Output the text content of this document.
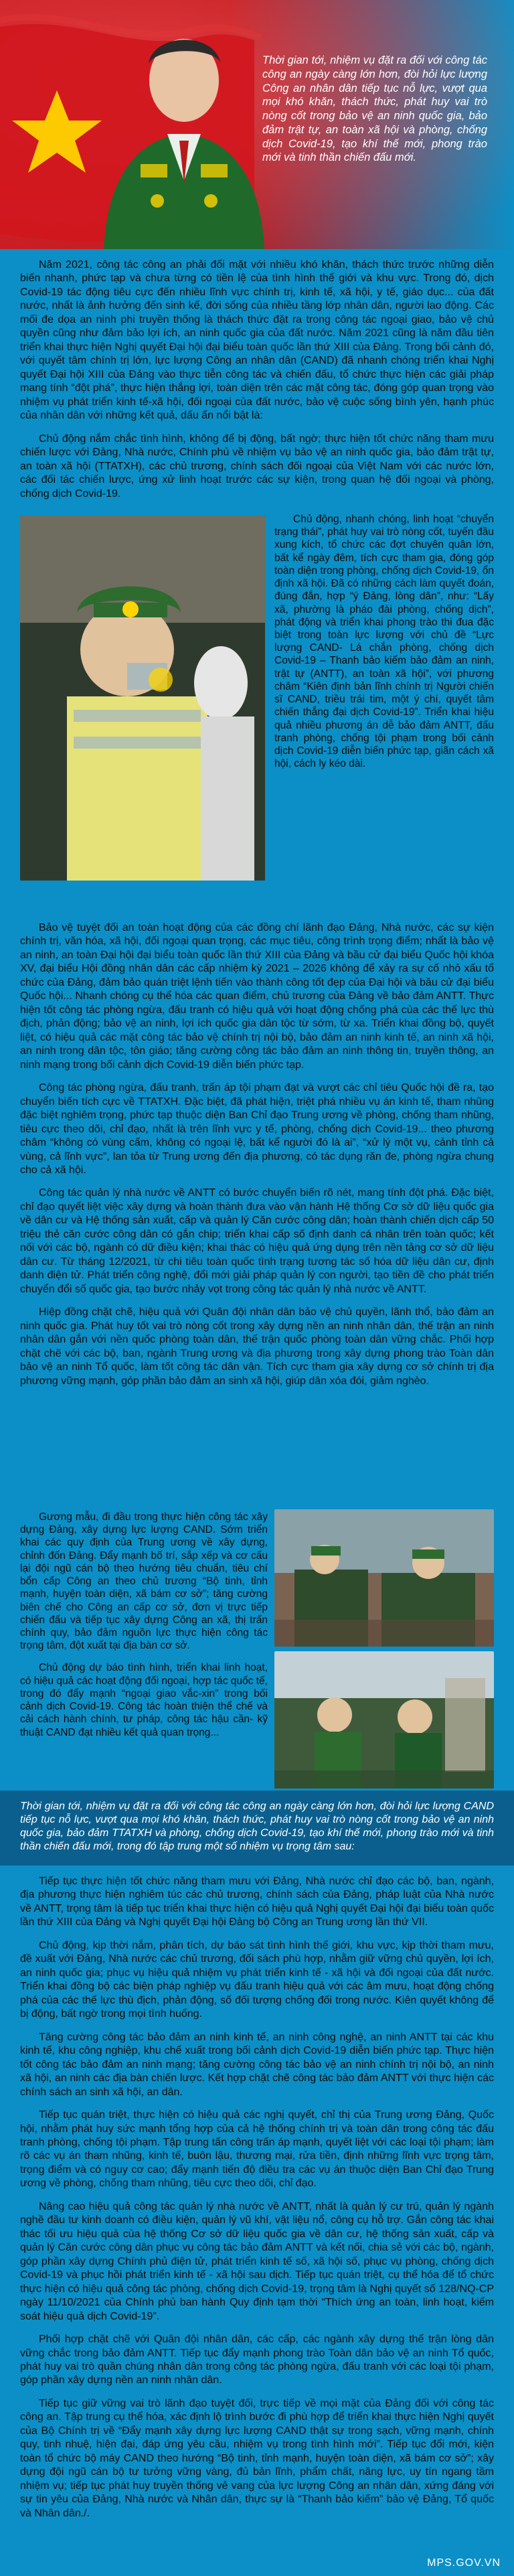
Thời gian tới, nhiệm vụ đặt ra đối với công tác công an ngày càng lớn hơn, đòi hỏi lực lượng Công an nhân dân tiếp tục nỗ lực, vượt qua mọi khó khăn, thách thức, phát huy vai trò nòng cốt trong bảo vệ an ninh quốc gia, bảo đảm trật tự, an toàn xã hội và phòng, chống dịch Covid-19, tạo khí thế mới, phong trào mới và tinh thần chiến đấu mới.

Năm 2021, công tác công an phải đối mặt với nhiều khó khăn, thách thức trước những diễn biến nhanh, phức tạp và chưa từng có tiền lệ của tình hình thế giới và khu vực. Trong đó, dịch Covid-19 tác động tiêu cực đến nhiều lĩnh vực chính trị, kinh tế, xã hội, y tế, giáo dục... của đất nước, nhất là ảnh hưởng đến sinh kế, đời sống của nhiều tầng lớp nhân dân, người lao động. Các mối đe dọa an ninh phi truyền thống là thách thức đặt ra trong công tác ngoại giao, bảo vệ chủ quyền cũng như đảm bảo lợi ích, an ninh quốc gia của đất nước. Năm 2021 cũng là năm đầu tiên triển khai thực hiện Nghị quyết Đại hội đại biểu toàn quốc lần thứ XIII của Đảng. Trong bối cảnh đó, với quyết tâm chính trị lớn, lực lượng Công an nhân dân (CAND) đã nhanh chóng triển khai Nghị quyết Đại hội XIII của Đảng vào thực tiễn công tác và chiến đấu, tổ chức thực hiện các giải pháp mang tính “đột phá”, thực hiện thắng lợi, toàn diện trên các mặt công tác, đóng góp quan trọng vào nhiệm vụ phát triển kinh tế-xã hội, đối ngoại của đất nước, bảo vệ cuộc sống bình yên, hạnh phúc của nhân dân với những kết quả, dấu ấn nổi bật là:

Chủ động nắm chắc tình hình, không để bị động, bất ngờ; thực hiện tốt chức năng tham mưu chiến lược với Đảng, Nhà nước, Chính phủ về nhiệm vụ bảo vệ an ninh quốc gia, bảo đảm trật tự, an toàn xã hội (TTATXH), các chủ trương, chính sách đối ngoại của Việt Nam với các nước lớn, các đối tác chiến lược, ứng xử linh hoạt trước các sự kiện, trong quan hệ đối ngoại và phòng, chống dịch Covid-19.

Chủ động, nhanh chóng, linh hoạt “chuyển trạng thái”, phát huy vai trò nòng cốt, tuyến đầu xung kích, tổ chức các đợt chuyên quân lớn, bất kể ngày đêm, tích cực tham gia, đóng góp toàn diện trong phòng, chống dịch Covid-19, ổn định xã hội. Đã có những cách làm quyết đoán, đúng đắn, hợp “ý Đảng, lòng dân”, như: “Lấy xã, phường là pháo đài phòng, chống dịch”, phát động và triển khai phong trào thi đua đặc biệt trong toàn lực lượng với chủ đề “Lực lượng CAND- Lá chắn phòng, chống dịch Covid-19 – Thanh bảo kiếm bảo đảm an ninh, trật tự (ANTT), an toàn xã hội”, với phương châm “Kiên định bản lĩnh chính trị Người chiến sĩ CAND, triều trái tim, một ý chí, quyết tâm chiến thắng đại dịch Covid-19”. Triển khai hiệu quả nhiều phương án dễ bảo đảm ANTT, đấu tranh phòng, chống tội phạm trong bối cảnh dịch Covid-19 diễn biến phức tạp, giãn cách xã hội, cách ly kéo dài.

Bảo vệ tuyệt đối an toàn hoạt động của các đồng chí lãnh đạo Đảng, Nhà nước, các sự kiện chính trị, văn hóa, xã hội, đối ngoại quan trọng, các mục tiêu, công trình trọng điểm; nhất là bảo vệ an ninh, an toàn Đại hội đại biểu toàn quốc lần thứ XIII của Đảng và bầu cử đại biểu Quốc hội khóa XV, đại biểu Hội đồng nhân dân các cấp nhiệm kỳ 2021 – 2026 không để xảy ra sự cố nhỏ xấu tổ chức của Đảng, đảm bảo quán triệt lệnh tiến vào thành công tốt đẹp của Đại hội và bầu cử đại biểu Quốc hội... Nhanh chóng cụ thể hóa các quan điểm, chủ trương của Đảng về bảo đảm ANTT. Thực hiện tốt công tác phòng ngừa, đấu tranh có hiệu quả với hoạt động chống phá của các thế lực thù địch, phản động; bảo vệ an ninh, lợi ích quốc gia dân tộc từ sớm, từ xa. Triển khai đồng bộ, quyết liệt, có hiệu quả các mặt công tác bảo vệ chính trị nội bộ, bảo đảm an ninh kinh tế, an ninh xã hội, an ninh trong dân tộc, tôn giáo; tăng cường công tác bảo đảm an ninh thông tin, truyền thông, an ninh mạng trong bối cảnh dịch Covid-19 diễn biến phức tạp.

Công tác phòng ngừa, đấu tranh, trấn áp tội phạm đạt và vượt các chỉ tiêu Quốc hội đề ra, tạo chuyển biến tích cực về TTATXH. Đặc biệt, đã phát hiện, triệt phá nhiều vụ án kinh tế, tham nhũng đặc biệt nghiêm trọng, phức tạp thuộc diện Ban Chỉ đạo Trung ương về phòng, chống tham nhũng, tiêu cực theo dõi, chỉ đạo, nhất là trên lĩnh vực y tế, phòng, chống dịch Covid-19... theo phương châm “không có vùng cấm, không có ngoại lệ, bất kể người đó là ai”, “xử lý một vụ, cảnh tỉnh cả vùng, cả lĩnh vực”, lan tỏa từ Trung ương đến địa phương, có tác dụng răn đe, phòng ngừa chung cho cả xã hội.

Công tác quản lý nhà nước về ANTT có bước chuyển biến rõ nét, mang tính đột phá. Đặc biệt, chỉ đạo quyết liệt việc xây dựng và hoàn thành đưa vào vận hành Hệ thống Cơ sở dữ liệu quốc gia về dân cư và Hệ thống sản xuất, cấp và quản lý Căn cước công dân; hoàn thành chiến dịch cấp 50 triệu thẻ căn cước công dân có gắn chip; triển khai cấp số định danh cá nhân trên toàn quốc; kết nối với các bộ, ngành có dữ điều kiện; khai thác có hiệu quả ứng dụng trên nền tảng cơ sở dữ liệu dân cư. Từ tháng 12/2021, từ chi tiêu toàn quốc tình trạng tương tác số hóa dữ liệu dân cư, định danh điện tử. Phát triển công nghệ, đổi mới giải pháp quản lý con người, tạo tiền đề cho phát triển chuyển đổi số quốc gia, tạo bước nhảy vọt trong công tác quản lý nhà nước về ANTT.

Hiệp đồng chặt chẽ, hiệu quả với Quân đội nhân dân bảo vệ chủ quyền, lãnh thổ, bảo đảm an ninh quốc gia. Phát huy tốt vai trò nòng cốt trong xây dựng nền an ninh nhân dân, thế trận an ninh nhân dân gắn với nền quốc phòng toàn dân, thế trận quốc phòng toàn dân vững chắc. Phối hợp chặt chẽ với các bộ, ban, ngành Trung ương và địa phương trong xây dựng phong trào Toàn dân bảo vệ an ninh Tổ quốc, làm tốt công tác dân vận. Tích cực tham gia xây dựng cơ sở chính trị địa phương vững mạnh, góp phần bảo đảm an sinh xã hội, giúp dân xóa đói, giảm nghèo.

Gương mẫu, đi đầu trong thực hiện công tác xây dựng Đảng, xây dựng lực lượng CAND. Sớm triển khai các quy định của Trung ương về xây dựng, chỉnh đốn Đảng. Đẩy mạnh bố trí, sắp xếp và cơ cấu lại đội ngũ cán bộ theo hướng tiêu chuẩn, tiêu chí bổn cấp Công an theo chủ trương “Bộ tinh, tỉnh mạnh, huyện toàn diện, xã bám cơ sở”; tăng cường biên chế cho Công an cấp cơ sở, đơn vị trực tiếp chiến đấu và tiếp tục xây dựng Công an xã, thị trấn chính quy, bảo đảm nguồn lực thực hiện công tác trọng tâm, đột xuất tại địa bàn cơ sở.

Chủ động dự báo tình hình, triển khai linh hoạt, có hiệu quả các hoạt động đối ngoại, hợp tác quốc tế, trong đó đẩy mạnh “ngoại giao vắc-xin” trong bối cảnh dịch Covid-19. Công tác hoàn thiện thể chế và cải cách hành chính, tư pháp, công tác hậu cần- kỹ thuật CAND đạt nhiều kết quả quan trọng...

Thời gian tới, nhiệm vụ đặt ra đối với công tác công an ngày càng lớn hơn, đòi hỏi lực lượng CAND tiếp tục nỗ lực, vượt qua mọi khó khăn, thách thức, phát huy vai trò nòng cốt trong bảo vệ an ninh quốc gia, bảo đảm TTATXH và phòng, chống dịch Covid-19, tạo khí thế mới, phong trào mới và tinh thần chiến đấu mới, trong đó tập trung một số nhiệm vụ trọng tâm sau:

Tiếp tục thực hiện tốt chức năng tham mưu với Đảng, Nhà nước chỉ đạo các bộ, ban, ngành, địa phương thực hiện nghiêm túc các chủ trương, chính sách của Đảng, pháp luật của Nhà nước về ANTT, trọng tâm là tiếp tục triển khai thực hiện có hiệu quả Nghị quyết Đại hội đại biểu toàn quốc lần thứ XIII của Đảng và Nghị quyết Đại hội Đảng bộ Công an Trung ương lần thứ VII.

Chủ động, kịp thời nắm, phân tích, dự báo sát tình hình thế giới, khu vực, kịp thời tham mưu, đề xuất với Đảng, Nhà nước các chủ trương, đối sách phù hợp, nhằm giữ vững chủ quyền, lợi ích, an ninh quốc gia; phục vụ hiệu quả nhiệm vụ phát triển kinh tế - xã hội và đối ngoại của đất nước. Triển khai đồng bộ các biện pháp nghiệp vụ đấu tranh hiệu quả với các âm mưu, hoạt động chống phá của các thế lực thù địch, phản động, số đối tượng chống đối trong nước. Kiên quyết không để bị động, bất ngờ trong mọi tình huống.

Tăng cường công tác bảo đảm an ninh kinh tế, an ninh công nghệ, an ninh ANTT tại các khu kinh tế, khu công nghiệp, khu chế xuất trong bối cảnh dịch Covid-19 diễn biến phức tạp. Thực hiện tốt công tác bảo đảm an ninh mạng; tăng cường công tác bảo vệ an ninh chính trị nội bộ, an ninh xã hội, an ninh các địa bàn chiến lược. Kết hợp chặt chẽ công tác bảo đảm ANTT với thực hiện các chính sách an sinh xã hội, an dân.

Tiếp tục quán triệt, thực hiện có hiệu quả các nghị quyết, chỉ thị của Trung ương Đảng, Quốc hội, nhằm phát huy sức mạnh tổng hợp của cả hệ thống chính trị và toàn dân trong công tác đấu tranh phòng, chống tội phạm. Tập trung tấn công trấn áp mạnh, quyết liệt với các loại tội phạm; làm rõ các vụ án tham nhũng, kinh tế, buôn lậu, thương mại, rửa tiền, định những lĩnh vực trọng tâm, trọng điểm và có nguy cơ cao; đẩy mạnh tiến độ điều tra các vụ án thuộc diện Ban Chỉ đạo Trung ương về phòng, chống tham nhũng, tiêu cực theo dõi, chỉ đạo.

Nâng cao hiệu quả công tác quản lý nhà nước về ANTT, nhất là quản lý cư trú, quản lý ngành nghề đầu tư kinh doanh có điều kiện, quản lý vũ khí, vật liệu nổ, công cụ hỗ trợ. Gắn công tác khai thác tối ưu hiệu quả của hệ thống Cơ sở dữ liệu quốc gia về dân cư, hệ thống sản xuất, cấp và quản lý Căn cước công dân phục vụ công tác bảo đảm ANTT và kết nối, chia sẻ với các bộ, ngành, góp phần xây dựng Chính phủ điện tử, phát triển kinh tế số, xã hội số, phục vụ phòng, chống dịch Covid-19 và phục hồi phát triển kinh tế - xã hội sau dịch. Tiếp tục quán triệt, cụ thể hóa để tổ chức thực hiện có hiệu quả công tác phòng, chống dịch Covid-19, trọng tâm là Nghị quyết số 128/NQ-CP ngày 11/10/2021 của Chính phủ ban hành Quy định tạm thời “Thích ứng an toàn, linh hoạt, kiểm soát hiệu quả dịch Covid-19”.

Phối hợp chặt chẽ với Quân đội nhân dân, các cấp, các ngành xây dựng thế trận lòng dân vững chắc trong bảo đảm ANTT. Tiếp tục đẩy mạnh phong trào Toàn dân bảo vệ an ninh Tổ quốc, phát huy vai trò quần chúng nhân dân trong công tác phòng ngừa, đấu tranh với các loại tội phạm, góp phần xây dựng nền an ninh nhân dân.

Tiếp tục giữ vững vai trò lãnh đạo tuyệt đối, trực tiếp về mọi mặt của Đảng đối với công tác công an. Tập trung cụ thể hóa, xác định lộ trình bước đi phù hợp để triển khai thực hiện Nghị quyết của Bộ Chính trị về “Đẩy mạnh xây dựng lực lượng CAND thật sự trong sạch, vững mạnh, chính quy, tinh nhuệ, hiện đại, đáp ứng yêu cầu, nhiệm vụ trong tình hình mới”. Tiếp tục đổi mới, kiện toàn tổ chức bộ máy CAND theo hướng “Bộ tinh, tỉnh mạnh, huyện toàn diện, xã bám cơ sở”; xây dựng đội ngũ cán bộ tư tưởng vững vàng, đủ bản lĩnh, phẩm chất, năng lực, uy tín ngang tầm nhiệm vụ; tiếp tục phát huy truyền thống vẻ vang của lực lượng Công an nhân dân, xứng đáng với sự tin yêu của Đảng, Nhà nước và Nhân dân, thực sự là “Thanh bảo kiếm” bảo vệ Đảng, Tổ quốc và Nhân dân./.

MPS.GOV.VN
